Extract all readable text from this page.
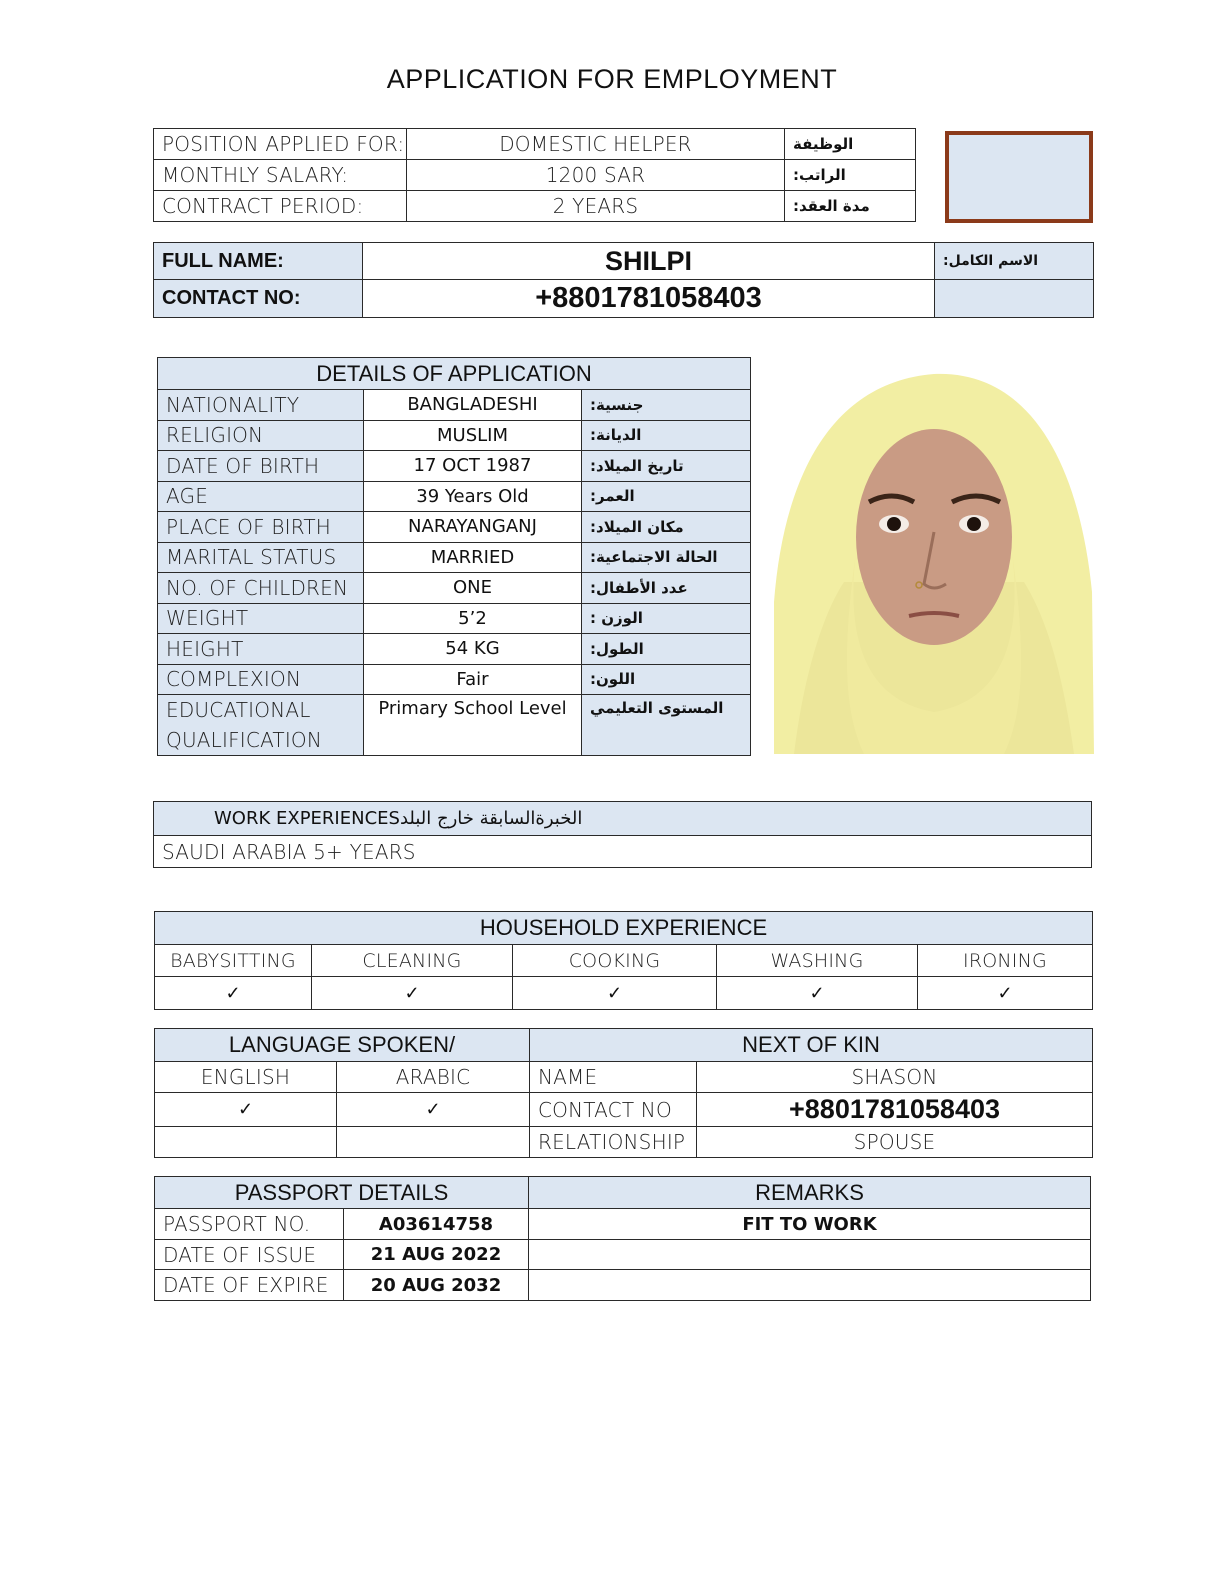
APPLICATION FOR EMPLOYMENT
POSITION APPLIED FOR:	DOMESTIC HELPER	الوظيفة
MONTHLY SALARY:	1200 SAR	الراتب:
CONTRACT PERIOD:	2 YEARS	مدة العقد:
FULL NAME:	SHILPI	الاسم الكامل:
CONTACT NO:	+8801781058403	
DETAILS OF APPLICATION		
NATIONALITY	BANGLADESHI	جنسية:
RELIGION	MUSLIM	الديانة:
DATE OF BIRTH	17 OCT 1987	تاريخ الميلاد:
AGE	39 Years Old	العمر:
PLACE OF BIRTH	NARAYANGANJ	مكان الميلاد:
MARITAL STATUS	MARRIED	الحالة الاجتماعية:
NO. OF CHILDREN	ONE	عدد الأطفال:
WEIGHT	5’2	الوزن :
HEIGHT	54 KG	الطول:
COMPLEXION	Fair	اللون:

EDUCATIONAL
QUALIFICATION	Primary School Level	المستوى التعليمي
WORK EXPERIENCESالخبرةالسابقة خارج البلد
SAUDI ARABIA 5+ YEARS
HOUSEHOLD EXPERIENCE				
BABYSITTING	CLEANING	COOKING	WASHING	IRONING
✓	✓	✓	✓	✓
LANGUAGE SPOKEN/		NEXT OF KIN	
ENGLISH	ARABIC	NAME	SHASON
✓	✓	CONTACT NO	+8801781058403
		RELATIONSHIP	SPOUSE
PASSPORT DETAILS		REMARKS
PASSPORT NO.	A03614758	FIT TO WORK
DATE OF ISSUE	21 AUG 2022	
DATE OF EXPIRE	20 AUG 2032	
